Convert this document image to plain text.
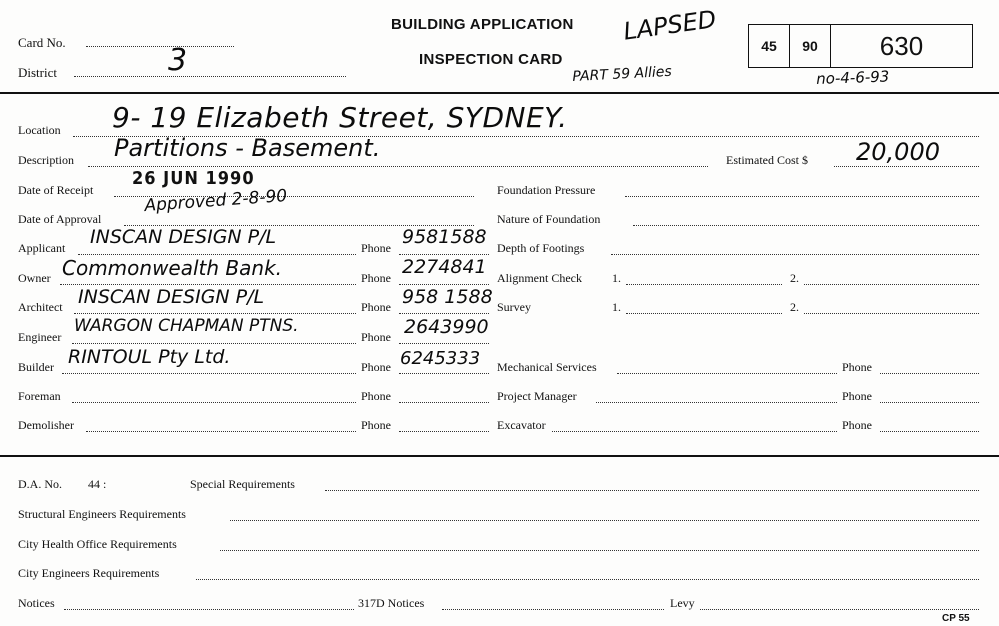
Card No.
District	3
BUILDING APPLICATION
INSPECTION CARD
LAPSED
PART 59 Allies	no-4-6-93
45 90 630
Location 9- 19 Elizabeth Street, SYDNEY.
Description Partitions - Basement.	Estimated Cost $ 20,000
Date of Receipt
26 JUN 1990
Date of Approval
Approved 2-8-90
Applicant INSCAN DESIGN P/L	Phone 9581588
Owner Commonwealth Bank.	Phone 2274841
Architect INSCAN DESIGN P/L	Phone 958 1588
Engineer
WARGON CHAPMAN PTNS.
Phone 2643990
Builder RINTOUL Pty Ltd.	Phone 6245333
Foreman	Phone
Demolisher	Phone
Foundation Pressure
Nature of Foundation
Depth of Footings
Alignment Check	1.	2.
Survey	1.	2.
Mechanical Services	Phone
Project Manager	Phone
Excavator	Phone
D.A. No. 44 :	Special Requirements
Structural Engineers Requirements
City Health Office Requirements
City Engineers Requirements
Notices	317D Notices	Levy
CP 55
